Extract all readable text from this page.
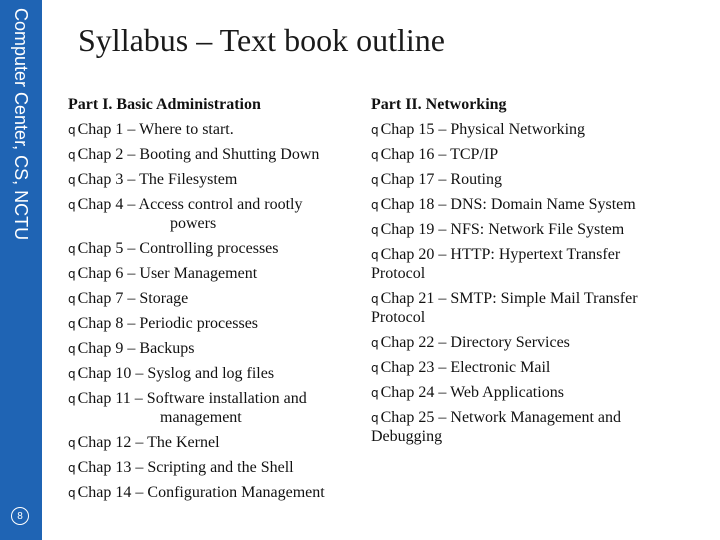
Computer Center, CS, NCTU
8
Syllabus – Text book outline
Part I. Basic Administration
q Chap 1 – Where to start.
q Chap 2 – Booting and Shutting Down
q Chap 3 – The Filesystem
q Chap 4 – Access control and rootly
powers
q Chap 5 – Controlling processes
q Chap 6 – User Management
q Chap 7 – Storage
q Chap 8 – Periodic processes
q Chap 9 – Backups
q Chap 10 – Syslog and log files
q Chap 11 – Software installation and
management
q Chap 12 – The Kernel
q Chap 13 – Scripting and the Shell
q Chap 14 – Configuration Management
Part II. Networking
q Chap 15 – Physical Networking
q Chap 16 – TCP/IP
q Chap 17 – Routing
q Chap 18 – DNS: Domain Name System
q Chap 19 – NFS: Network File System
q Chap 20 – HTTP: Hypertext Transfer
Protocol
q Chap 21 – SMTP: Simple Mail Transfer
Protocol
q Chap 22 – Directory Services
q Chap 23 – Electronic Mail
q Chap 24 – Web Applications
q Chap 25 – Network Management and
Debugging
